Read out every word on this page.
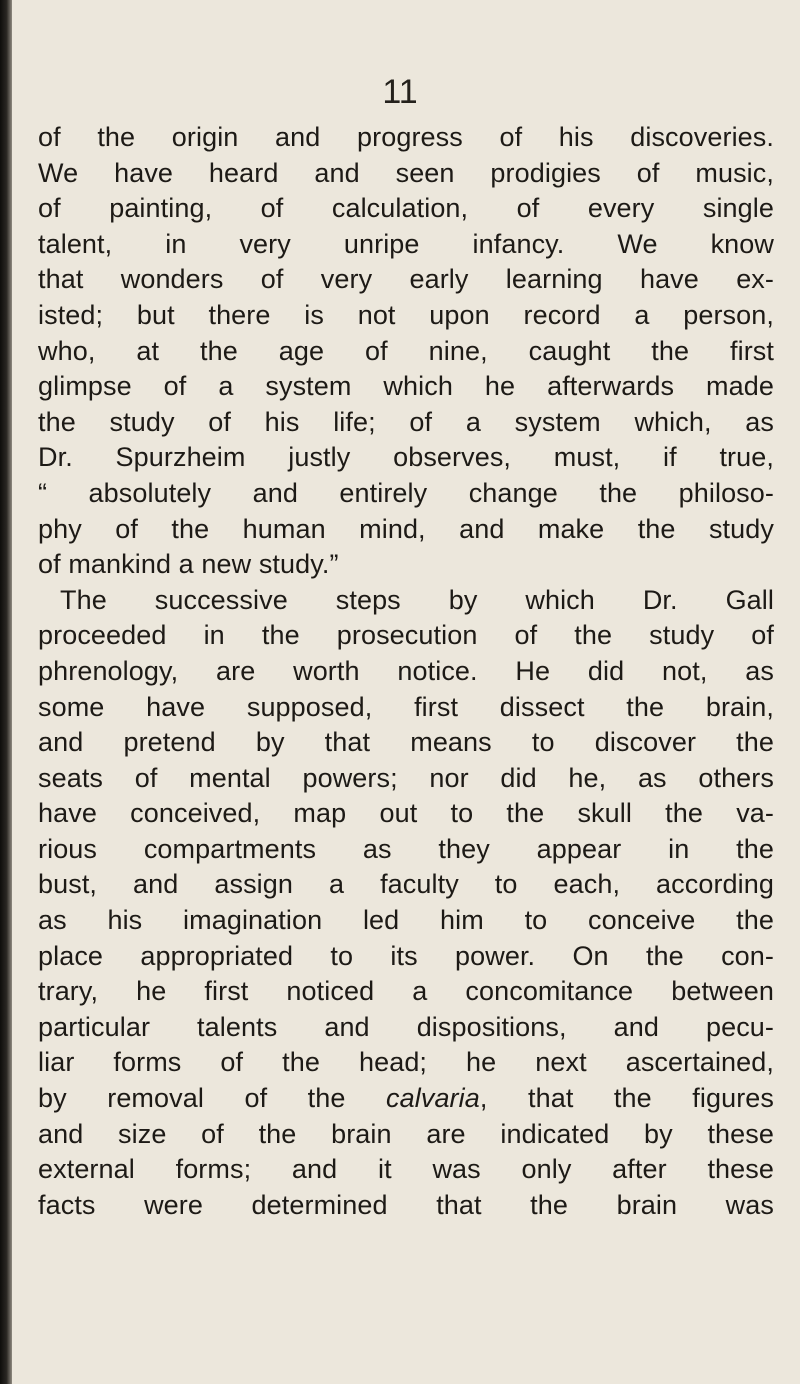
11
of the origin and progress of his discoveries.
We have heard and seen prodigies of music,
of painting, of calculation, of every single
talent, in very unripe infancy. We know
that wonders of very early learning have ex-
isted; but there is not upon record a person,
who, at the age of nine, caught the first
glimpse of a system which he afterwards made
the study of his life; of a system which, as
Dr. Spurzheim justly observes, must, if true,
“ absolutely and entirely change the philoso-
phy of the human mind, and make the study
of mankind a new study.”
The successive steps by which Dr. Gall
proceeded in the prosecution of the study of
phrenology, are worth notice. He did not, as
some have supposed, first dissect the brain,
and pretend by that means to discover the
seats of mental powers; nor did he, as others
have conceived, map out to the skull the va-
rious compartments as they appear in the
bust, and assign a faculty to each, according
as his imagination led him to conceive the
place appropriated to its power. On the con-
trary, he first noticed a concomitance between
particular talents and dispositions, and pecu-
liar forms of the head; he next ascertained,
by removal of the calvaria, that the figures
and size of the brain are indicated by these
external forms; and it was only after these
facts were determined that the brain was
